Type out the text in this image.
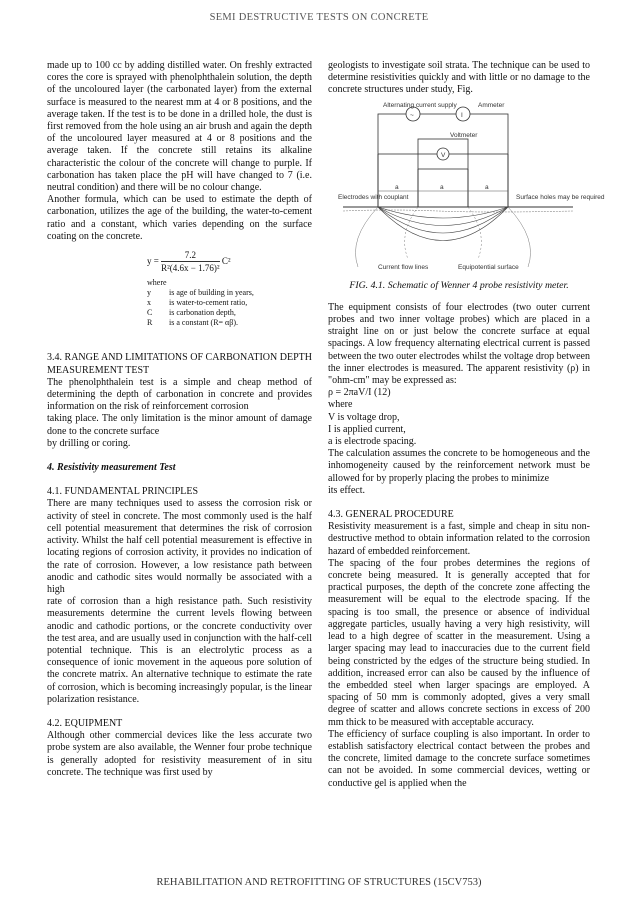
SEMI DESTRUCTIVE TESTS ON CONCRETE

made up to 100 cc by adding distilled water. On freshly extracted cores the core is sprayed with phenolphthalein solution, the depth of the uncoloured layer (the carbonated layer) from the external surface is measured to the nearest mm at 4 or 8 positions, and the average taken. If the test is to be done in a drilled hole, the dust is first removed from the hole using an air brush and again the depth of the uncoloured layer measured at 4 or 8 positions and the average taken. If the concrete still retains its alkaline characteristic the colour of the concrete will change to purple. If carbonation has taken place the pH will have changed to 7 (i.e. neutral condition) and there will be no colour change.

Another formula, which can be used to estimate the depth of carbonation, utilizes the age of the building, the water-to-cement ratio and a constant, which varies depending on the surface coating on the concrete.

$y = \frac{7.2}{\text{R²(4.6x − 1.76)²}} C^2$
where
y	is age of building in years,
x	is water-to-cement ratio,
C	is carbonation depth,
R	is a constant (R= αβ).

3.4. RANGE AND LIMITATIONS OF CARBONATION DEPTH MEASUREMENT TEST

The phenolphthalein test is a simple and cheap method of determining the depth of carbonation in concrete and provides information on the risk of reinforcement corrosion

taking place. The only limitation is the minor amount of damage done to the concrete surface

by drilling or coring.

4. Resistivity measurement Test

4.1. FUNDAMENTAL PRINCIPLES

There are many techniques used to assess the corrosion risk or activity of steel in concrete. The most commonly used is the half cell potential measurement that determines the risk of corrosion activity. Whilst the half cell potential measurement is effective in locating regions of corrosion activity, it provides no indication of the rate of corrosion. However, a low resistance path between anodic and cathodic sites would normally be associated with a high

rate of corrosion than a high resistance path. Such resistivity measurements determine the current levels flowing between anodic and cathodic portions, or the concrete conductivity over the test area, and are usually used in conjunction with the half-cell potential technique. This is an electrolytic process as a consequence of ionic movement in the aqueous pore solution of the concrete matrix. An alternative technique to estimate the rate of corrosion, which is becoming increasingly popular, is the linear polarization resistance.

4.2. EQUIPMENT

Although other commercial devices like the less accurate two probe system are also available, the Wenner four probe technique is generally adopted for resistivity measurement of in situ concrete. The technique was first used by

geologists to investigate soil strata. The technique can be used to determine resistivities quickly and with little or no damage to the concrete structures under study, Fig.

~	I
V
a	a	a
Alternating current supply	Ammeter
Voltmeter
Electrodes with couplant	Surface holes may be required
Current flow lines	Equipotential surface

FIG. 4.1. Schematic of Wenner 4 probe resistivity meter.

The equipment consists of four electrodes (two outer current probes and two inner voltage probes) which are placed in a straight line on or just below the concrete surface at equal spacings. A low frequency alternating electrical current is passed between the two outer electrodes whilst the voltage drop between the inner electrodes is measured. The apparent resistivity (ρ) in "ohm-cm" may be expressed as:

ρ = 2πaV/I (12)

where

V is voltage drop,

I is applied current,

a is electrode spacing.

The calculation assumes the concrete to be homogeneous and the inhomogeneity caused by the reinforcement network must be allowed for by properly placing the probes to minimize

its effect.

4.3. GENERAL PROCEDURE

Resistivity measurement is a fast, simple and cheap in situ non-destructive method to obtain information related to the corrosion hazard of embedded reinforcement.

The spacing of the four probes determines the regions of concrete being measured. It is generally accepted that for practical purposes, the depth of the concrete zone affecting the measurement will be equal to the electrode spacing. If the spacing is too small, the presence or absence of individual aggregate particles, usually having a very high resistivity, will lead to a high degree of scatter in the measurement. Using a larger spacing may lead to inaccuracies due to the current field being constricted by the edges of the structure being studied. In addition, increased error can also be caused by the influence of the embedded steel when larger spacings are employed. A spacing of 50 mm is commonly adopted, gives a very small degree of scatter and allows concrete sections in excess of 200 mm thick to be measured with acceptable accuracy.

The efficiency of surface coupling is also important. In order to establish satisfactory electrical contact between the probes and the concrete, limited damage to the concrete surface sometimes can not be avoided. In some commercial devices, wetting or conductive gel is applied when the

REHABILITATION AND RETROFITTING OF STRUCTURES (15CV753)
